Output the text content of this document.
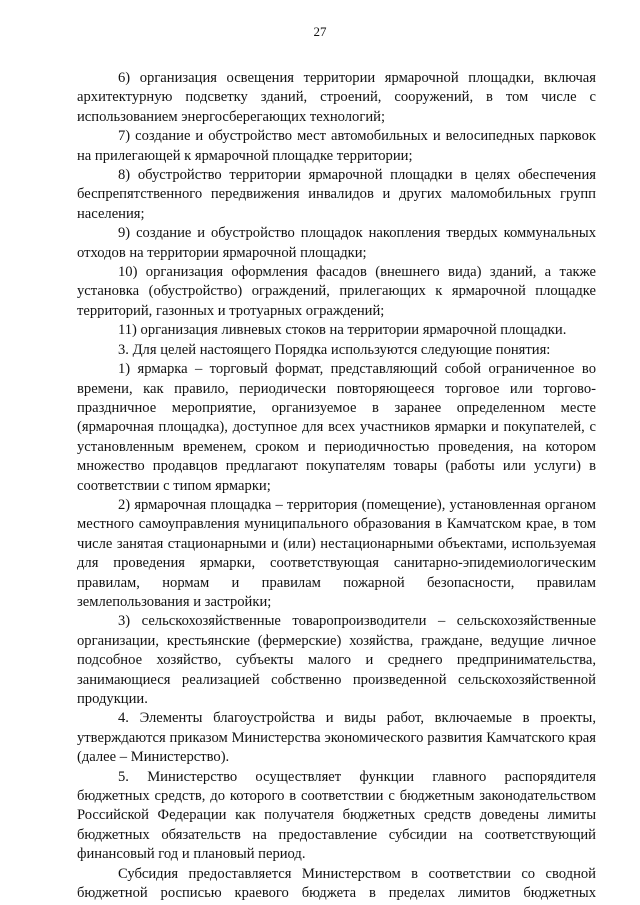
27

6) организация освещения территории ярмарочной площадки, включая архитектурную подсветку зданий, строений, сооружений, в том числе с использованием энергосберегающих технологий;

7) создание и обустройство мест автомобильных и велосипедных парковок на прилегающей к ярмарочной площадке территории;

8) обустройство территории ярмарочной площадки в целях обеспечения беспрепятственного передвижения инвалидов и других маломобильных групп населения;

9) создание и обустройство площадок накопления твердых коммунальных отходов на территории ярмарочной площадки;

10) организация оформления фасадов (внешнего вида) зданий, а также установка (обустройство) ограждений, прилегающих к ярмарочной площадке территорий, газонных и тротуарных ограждений;

11) организация ливневых стоков на территории ярмарочной площадки.

3. Для целей настоящего Порядка используются следующие понятия:

1) ярмарка – торговый формат, представляющий собой ограниченное во времени, как правило, периодически повторяющееся торговое или торгово-праздничное мероприятие, организуемое в заранее определенном месте (ярмарочная площадка), доступное для всех участников ярмарки и покупателей, с установленным временем, сроком и периодичностью проведения, на котором множество продавцов предлагают покупателям товары (работы или услуги) в соответствии с типом ярмарки;

2) ярмарочная площадка – территория (помещение), установленная органом местного самоуправления муниципального образования в Камчатском крае, в том числе занятая стационарными и (или) нестационарными объектами, используемая для проведения ярмарки, соответствующая санитарно-эпидемиологическим правилам, нормам и правилам пожарной безопасности, правилам землепользования и застройки;

3) сельскохозяйственные товаропроизводители – сельскохозяйственные организации, крестьянские (фермерские) хозяйства, граждане, ведущие личное подсобное хозяйство, субъекты малого и среднего предпринимательства, занимающиеся реализацией собственно произведенной сельскохозяйственной продукции.

4. Элементы благоустройства и виды работ, включаемые в проекты, утверждаются приказом Министерства экономического развития Камчатского края (далее – Министерство).

5. Министерство осуществляет функции главного распорядителя бюджетных средств, до которого в соответствии с бюджетным законодательством Российской Федерации как получателя бюджетных средств доведены лимиты бюджетных обязательств на предоставление субсидии на соответствующий финансовый год и плановый период.

Субсидия предоставляется Министерством в соответствии со сводной бюджетной росписью краевого бюджета в пределах лимитов бюджетных
